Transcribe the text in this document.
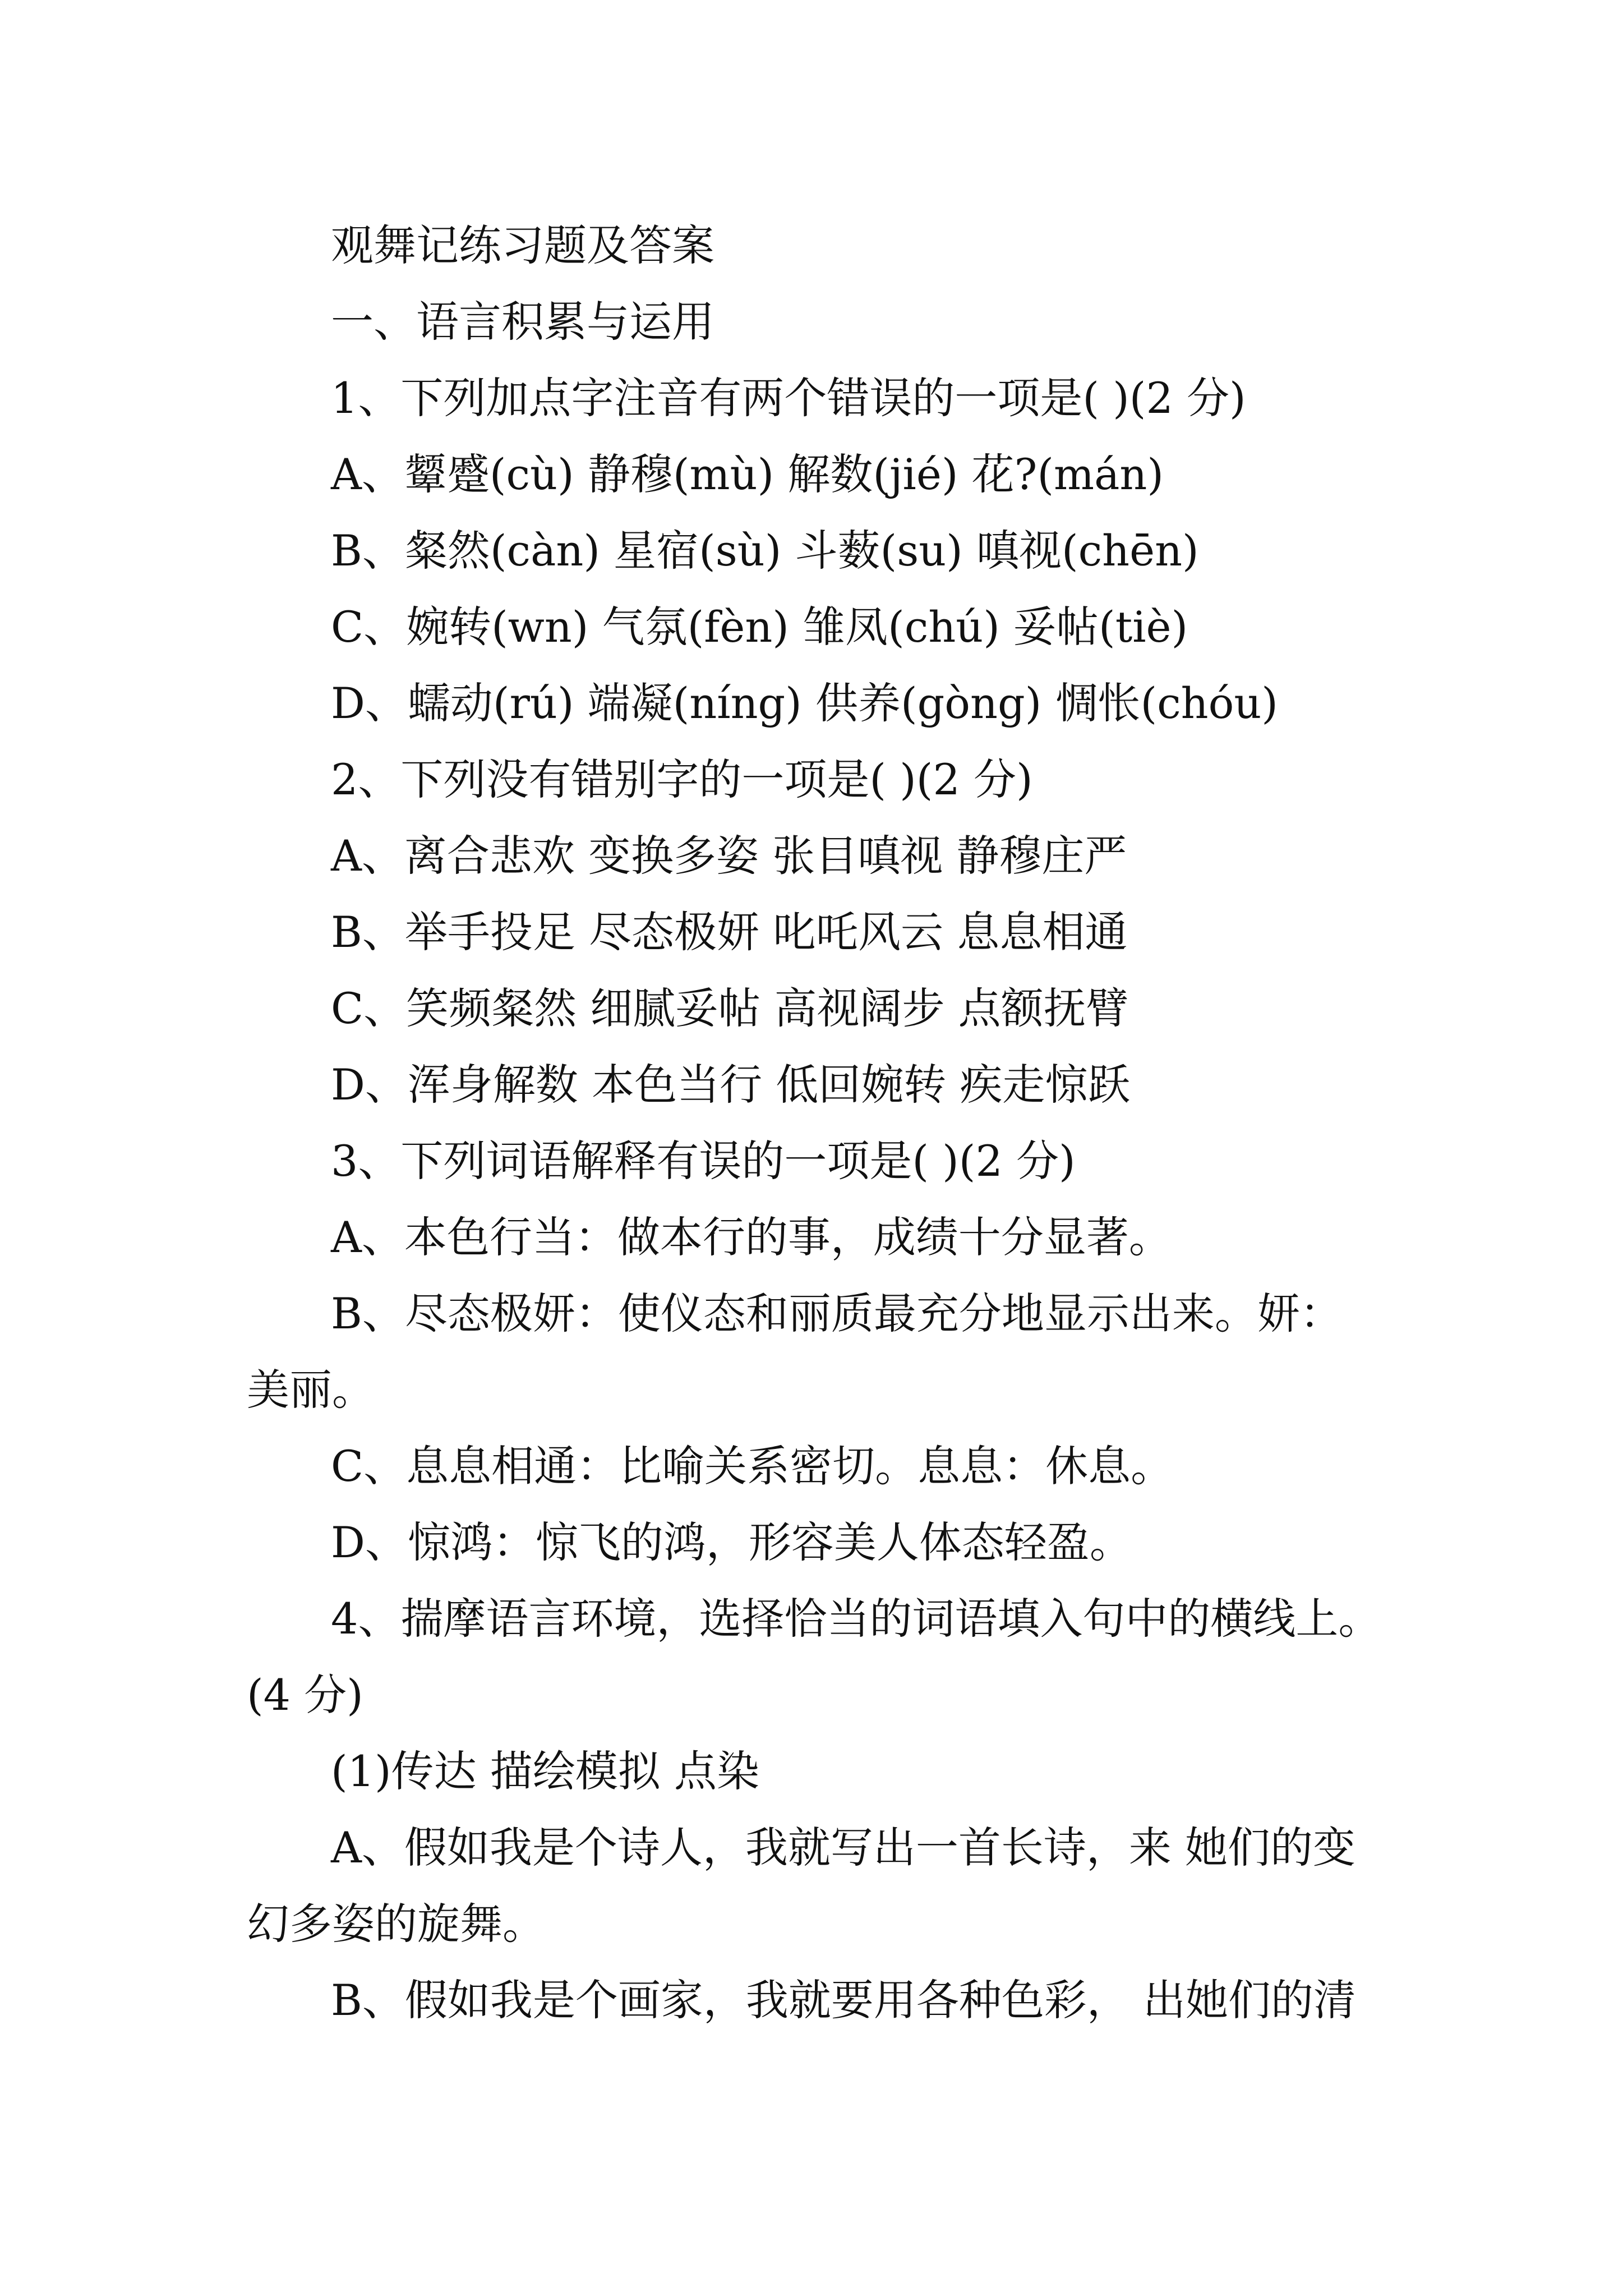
观舞记练习题及答案
一、语言积累与运用
1、下列加点字注音有两个错误的一项是( )(2 分)
A、颦蹙(cù) 静穆(mù) 解数(jié) 花?(mán)
B、粲然(càn) 星宿(sù) 斗薮(su) 嗔视(chēn)
C、婉转(wn) 气氛(fèn) 雏凤(chú) 妥帖(tiè)
D、蠕动(rú) 端凝(níng) 供养(gòng) 惆怅(chóu)
2、下列没有错别字的一项是( )(2 分)
A、离合悲欢 变换多姿 张目嗔视 静穆庄严
B、举手投足 尽态极妍 叱吒风云 息息相通
C、笑频粲然 细腻妥帖 高视阔步 点额抚臂
D、浑身解数 本色当行 低回婉转 疾走惊跃
3、下列词语解释有误的一项是( )(2 分)
A、本色行当：做本行的事，成绩十分显著。
B、尽态极妍：使仪态和丽质最充分地显示出来。妍：
美丽。
C、息息相通：比喻关系密切。息息：休息。
D、惊鸿：惊飞的鸿，形容美人体态轻盈。
4、揣摩语言环境，选择恰当的词语填入句中的横线上。
(4 分)
(1)传达 描绘模拟 点染
A、假如我是个诗人，我就写出一首长诗，来 她们的变
幻多姿的旋舞。
B、假如我是个画家，我就要用各种色彩， 出她们的清
